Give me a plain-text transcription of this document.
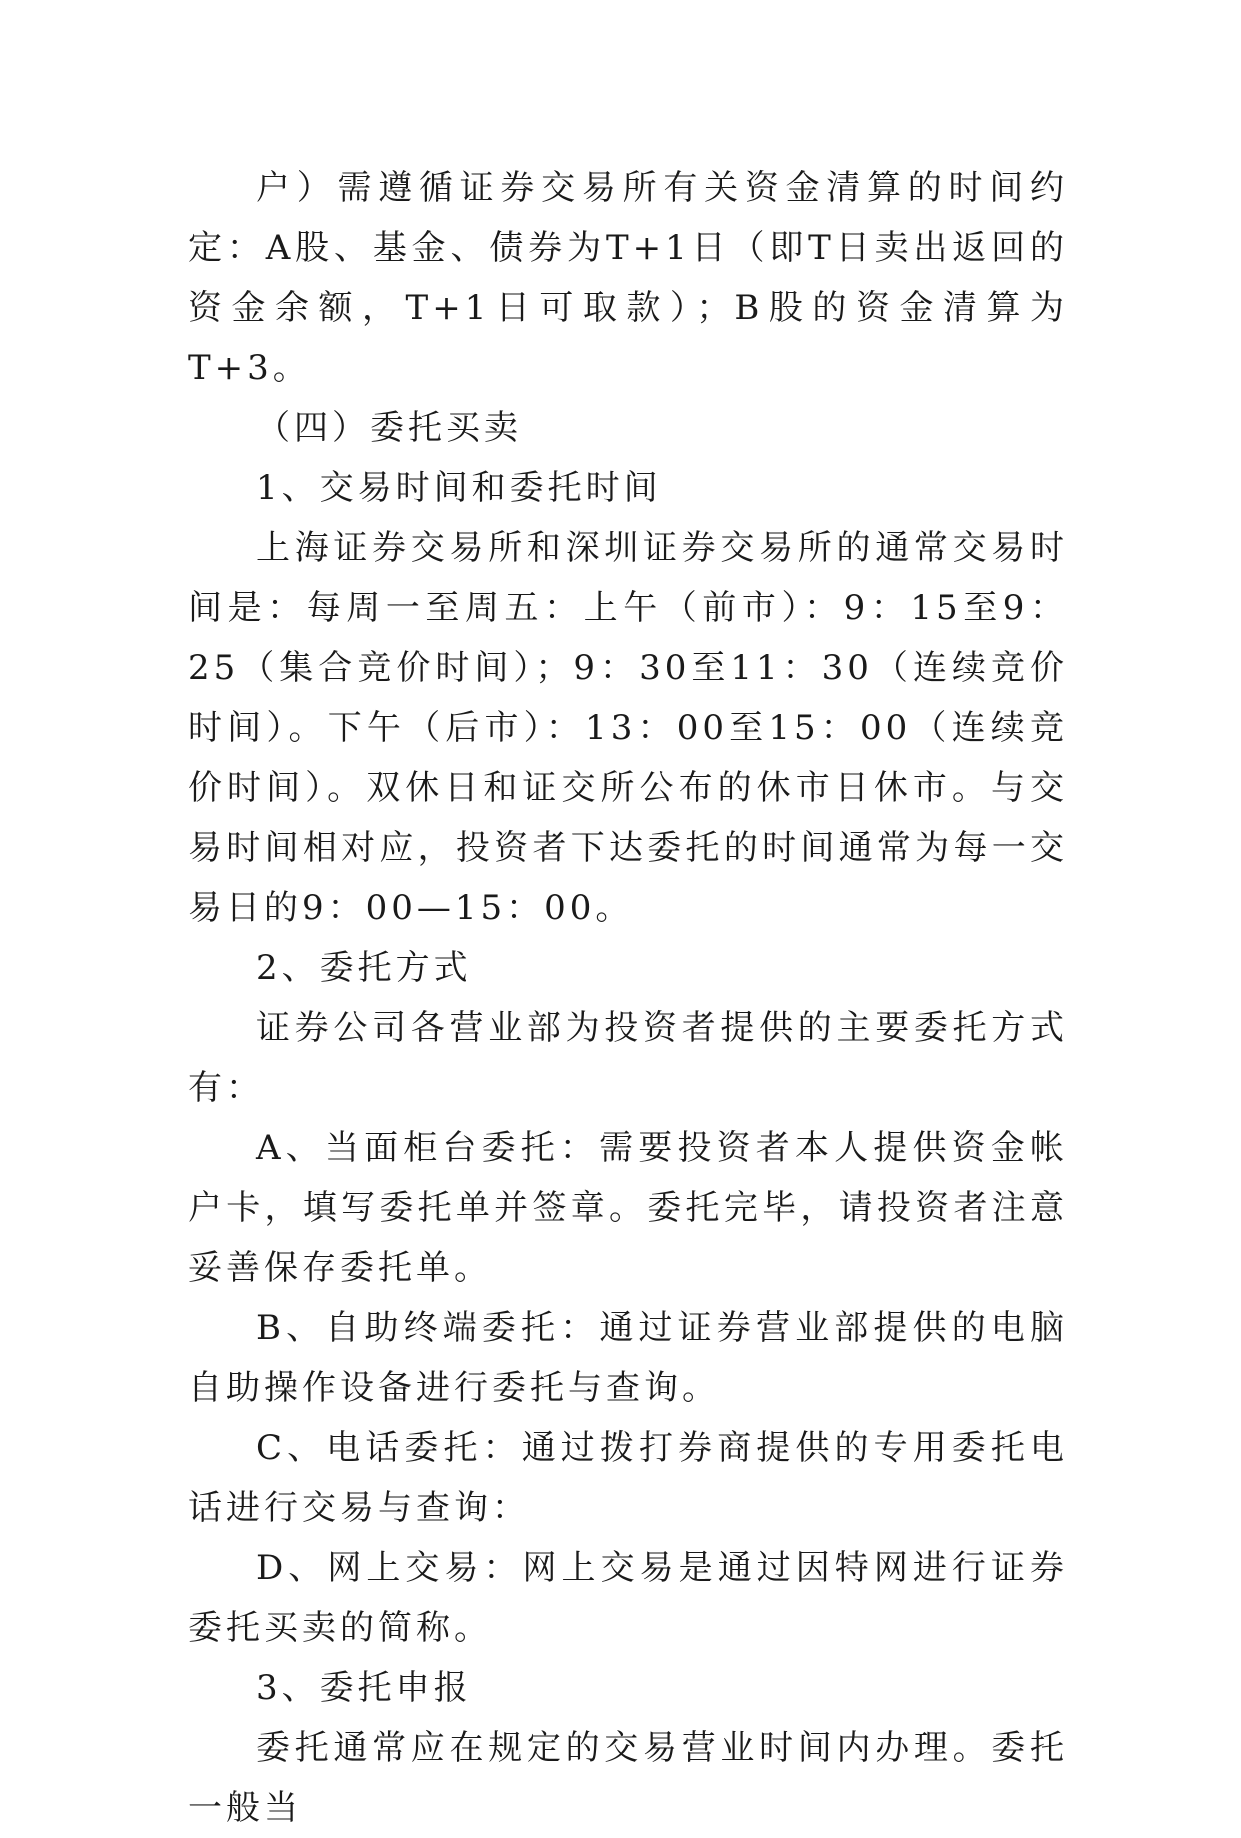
户）需遵循证券交易所有关资金清算的时间约定：A股、基金、债券为T+1日（即T日卖出返回的资金余额，T+1日可取款）；B股的资金清算为T+3。

（四）委托买卖

1、交易时间和委托时间

上海证券交易所和深圳证券交易所的通常交易时间是：每周一至周五：上午（前市）：9：15至9：25（集合竞价时间）；9：30至11：30（连续竞价时间）。下午（后市）：13：00至15：00（连续竞价时间）。双休日和证交所公布的休市日休市。与交易时间相对应，投资者下达委托的时间通常为每一交易日的9：00—15：00。

2、委托方式

证券公司各营业部为投资者提供的主要委托方式有：

A、当面柜台委托：需要投资者本人提供资金帐户卡，填写委托单并签章。委托完毕，请投资者注意妥善保存委托单。

B、自助终端委托：通过证券营业部提供的电脑自助操作设备进行委托与查询。

C、电话委托：通过拨打券商提供的专用委托电话进行交易与查询：

D、网上交易：网上交易是通过因特网进行证券委托买卖的简称。

3、委托申报

委托通常应在规定的交易营业时间内办理。委托一般当
